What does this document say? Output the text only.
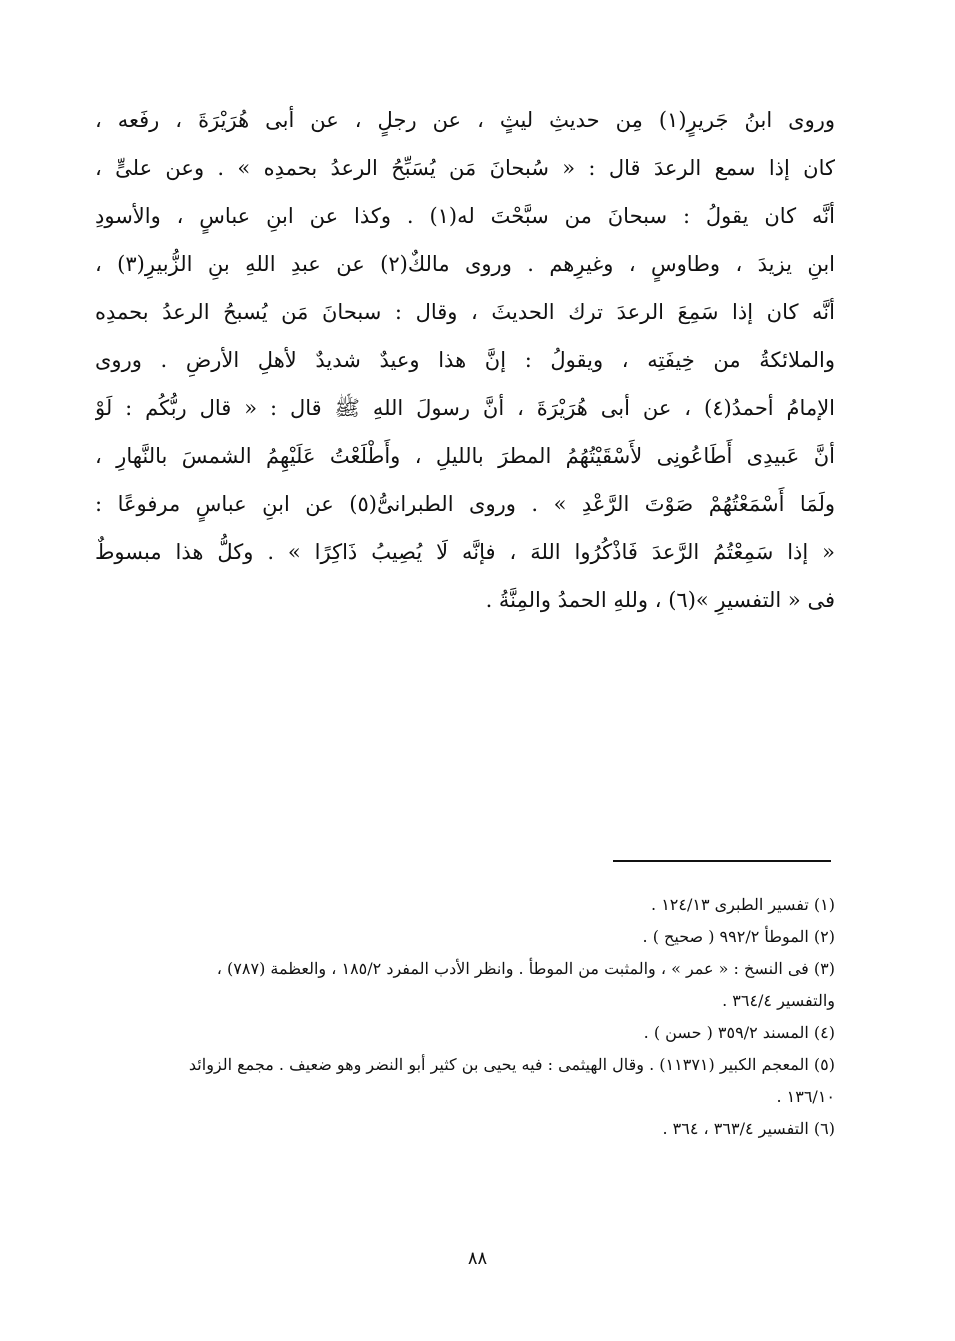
وروى ابنُ جَريرٍ(١) مِن حديثِ ليثٍ ، عن رجلٍ ، عن أبى هُرَيْرَةَ ، رفَعه ،
كان إذا سمع الرعدَ قال : « سُبحانَ مَن يُسَبِّحُ الرعدُ بحمدِه » . وعن علىٍّ ،
أنَّه كان يقولُ : سبحانَ من سبَّحْتَ له(١) . وكذا عن ابنِ عباسٍ ، والأسودِ
ابنِ يزيدَ ، وطاوسٍ ، وغيرِهم . وروى مالكٌ(٢) عن عبدِ اللهِ بنِ الزُّبيرِ(٣) ،
أنَّه كان إذا سَمِعَ الرعدَ ترك الحديثَ ، وقال : سبحانَ مَن يُسبحُ الرعدُ بحمدِه
والملائكةُ من خِيفَتِه ، ويقولُ : إنَّ هذا وعيدٌ شديدٌ لأهلِ الأرضِ . وروى
الإمامُ أحمدُ(٤) ، عن أبى هُرَيْرَةَ ، أنَّ رسولَ اللهِ ﷺ قال : « قال ربُّكُم : لَوْ
أنَّ عَبيدِى أَطَاعُونِى لأَسْقَيْتُهُمُ المطرَ بالليلِ ، وأَطْلَعْتُ عَلَيْهِمُ الشمسَ بالنَّهارِ ،
ولَمَا أَسْمَعْتُهُمْ صَوْتَ الرَّعْدِ » . وروى الطبرانىُّ(٥) عن ابنِ عباسٍ مرفوعًا :
« إذا سَمِعْتُمُ الرَّعدَ فَاذْكُرُوا اللهَ ، فإنَّه لَا يُصِيبُ ذَاكِرًا » . وكلُّ هذا مبسوطٌ
فى « التفسيرِ »(٦) ، وللهِ الحمدُ والمِنَّةُ .
(١) تفسير الطبرى ١٢٤/١٣ .
(٢) الموطأ ٩٩٢/٢ ( صحيح ) .
(٣) فى النسخ : « عمر » ، والمثبت من الموطأ . وانظر الأدب المفرد ١٨٥/٢ ، والعظمة (٧٨٧) ،
والتفسير ٣٦٤/٤ .
(٤) المسند ٣٥٩/٢ ( حسن ) .
(٥) المعجم الكبير (١١٣٧١) . وقال الهيثمى : فيه يحيى بن كثير أبو النضر وهو ضعيف . مجمع الزوائد
١٣٦/١٠ .
(٦) التفسير ٣٦٣/٤ ، ٣٦٤ .
٨٨
